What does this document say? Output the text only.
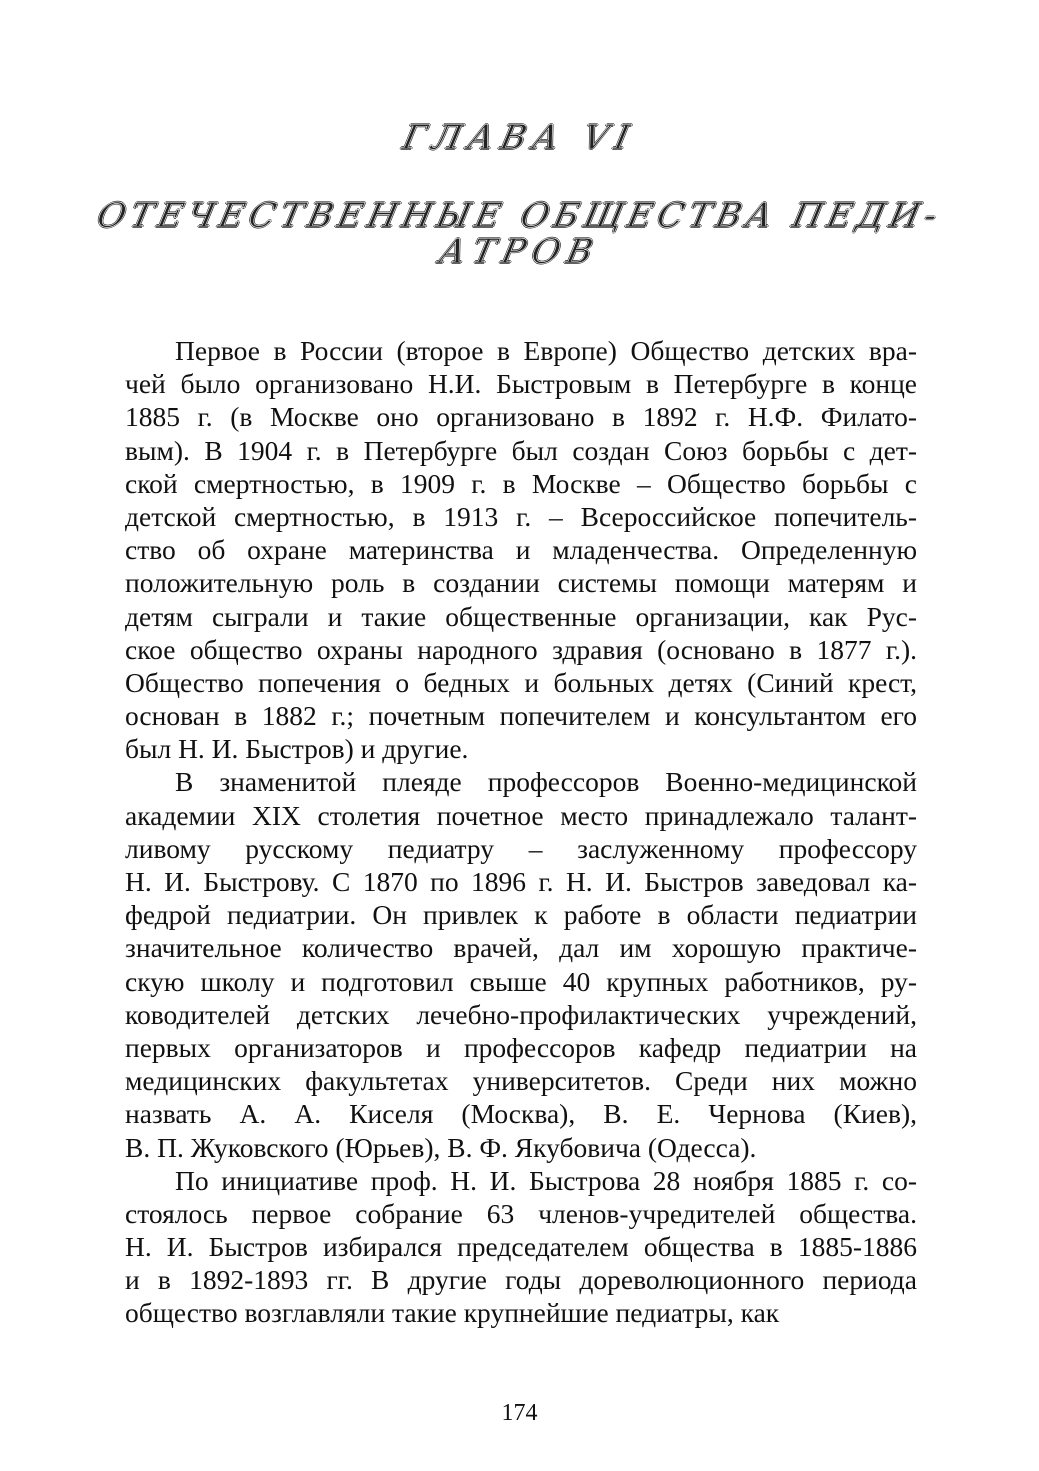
ГЛАВА VI
ОТЕЧЕСТВЕННЫЕ ОБЩЕСТВА ПЕДИ-
АТРОВ
Первое в России (второе в Европе) Общество детских вра-
чей было организовано Н.И. Быстровым в Петербурге в конце
1885 г. (в Москве оно организовано в 1892 г. Н.Ф. Филато-
вым). В 1904 г. в Петербурге был создан Союз борьбы с дет-
ской смертностью, в 1909 г. в Москве – Общество борьбы с
детской смертностью, в 1913 г. – Всероссийское попечитель-
ство об охране материнства и младенчества. Определенную
положительную роль в создании системы помощи матерям и
детям сыграли и такие общественные организации, как Рус-
ское общество охраны народного здравия (основано в 1877 г.).
Общество попечения о бедных и больных детях (Синий крест,
основан в 1882 г.; почетным попечителем и консультантом его
был Н. И. Быстров) и другие.
В знаменитой плеяде профессоров Военно-медицинской
академии XIX столетия почетное место принадлежало талант-
ливому русскому педиатру – заслуженному профессору
Н. И. Быстрову. С 1870 по 1896 г. Н. И. Быстров заведовал ка-
федрой педиатрии. Он привлек к работе в области педиатрии
значительное количество врачей, дал им хорошую практиче-
скую школу и подготовил свыше 40 крупных работников, ру-
ководителей детских лечебно-профилактических учреждений,
первых организаторов и профессоров кафедр педиатрии на
медицинских факультетах университетов. Среди них можно
назвать А. А. Киселя (Москва), В. Е. Чернова (Киев),
В. П. Жуковского (Юрьев), В. Ф. Якубовича (Одесса).
По инициативе проф. Н. И. Быстрова 28 ноября 1885 г. со-
стоялось первое собрание 63 членов-учредителей общества.
Н. И. Быстров избирался председателем общества в 1885-1886
и в 1892-1893 гг. В другие годы дореволюционного периода
общество возглавляли такие крупнейшие педиатры, как
174
